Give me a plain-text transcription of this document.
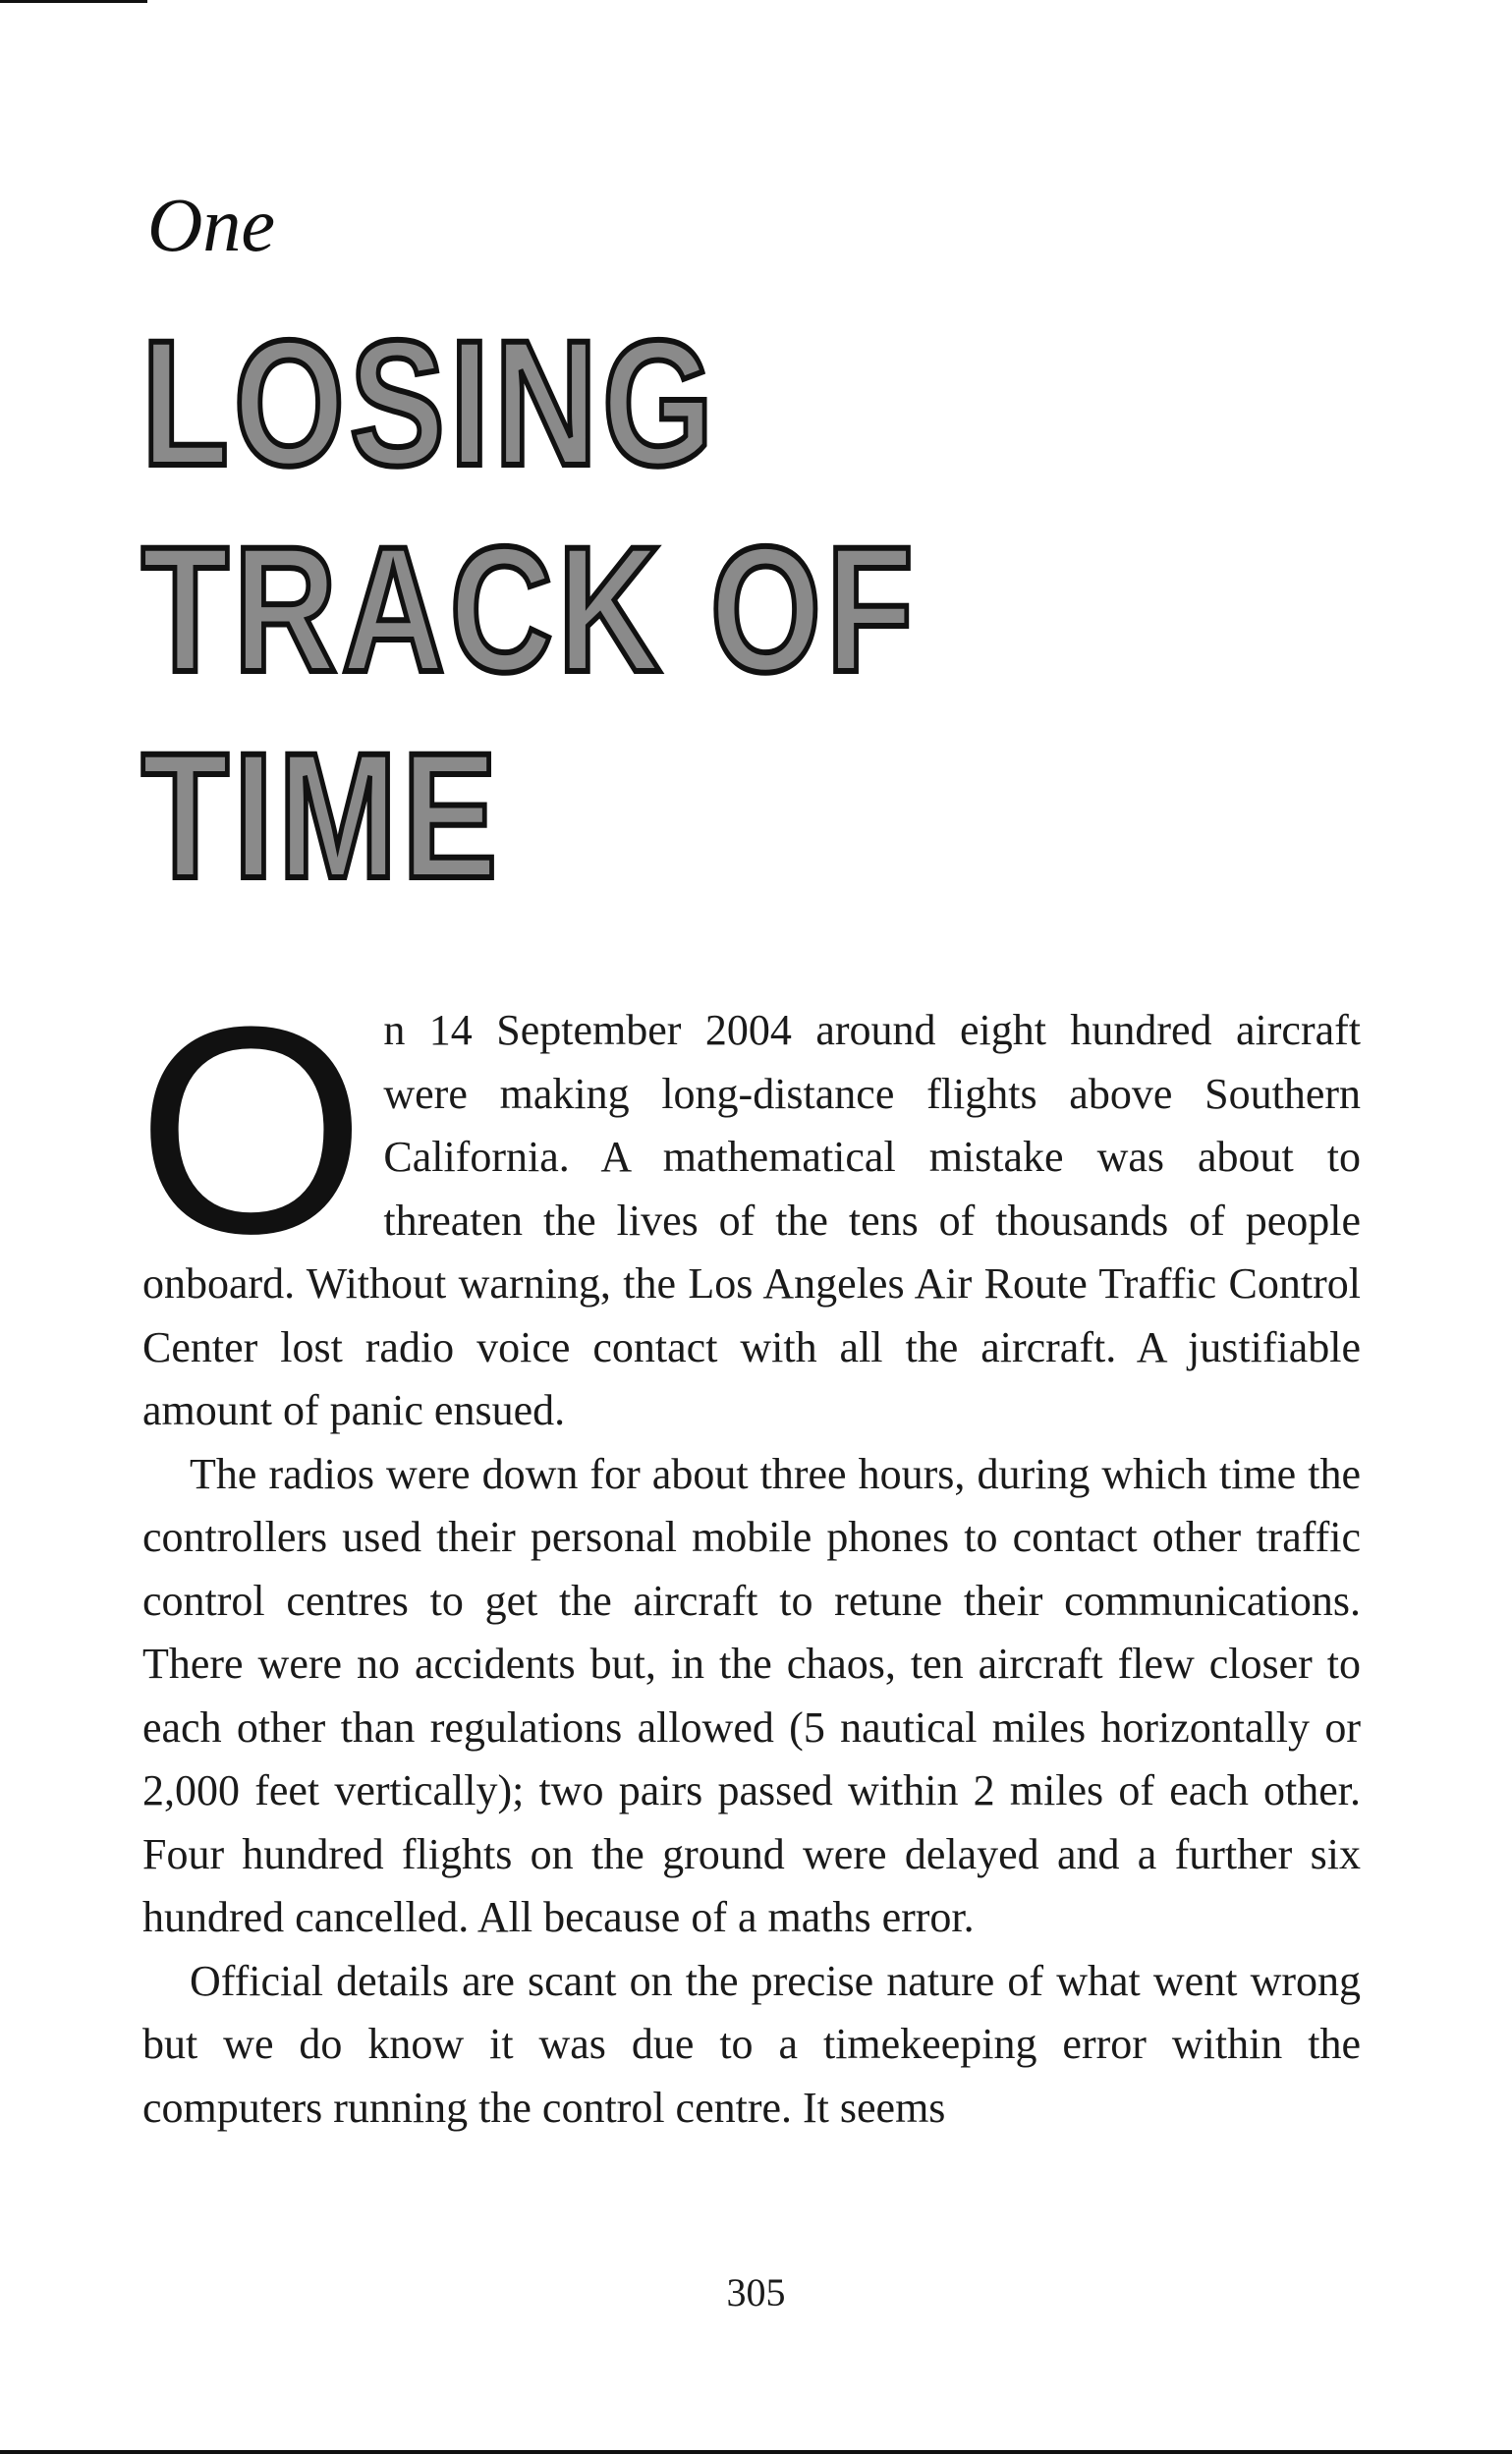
One
LOSING
TRACK OF
TIME

On 14 September 2004 around eight hundred aircraft were making long-distance flights above Southern California. A mathematical mistake was about to threaten the lives of the tens of thousands of people onboard. Without warning, the Los Angeles Air Route Traffic Control Center lost radio voice contact with all the aircraft. A justifiable amount of panic ensued.

The radios were down for about three hours, during which time the controllers used their personal mobile phones to contact other traffic control centres to get the aircraft to retune their communications. There were no accidents but, in the chaos, ten aircraft flew closer to each other than regulations allowed (5 nautical miles horizontally or 2,000 feet vertically); two pairs passed within 2 miles of each other. Four hundred flights on the ground were delayed and a further six hundred cancelled. All because of a maths error.

Official details are scant on the precise nature of what went wrong but we do know it was due to a timekeeping error within the computers running the control centre. It seems

305
